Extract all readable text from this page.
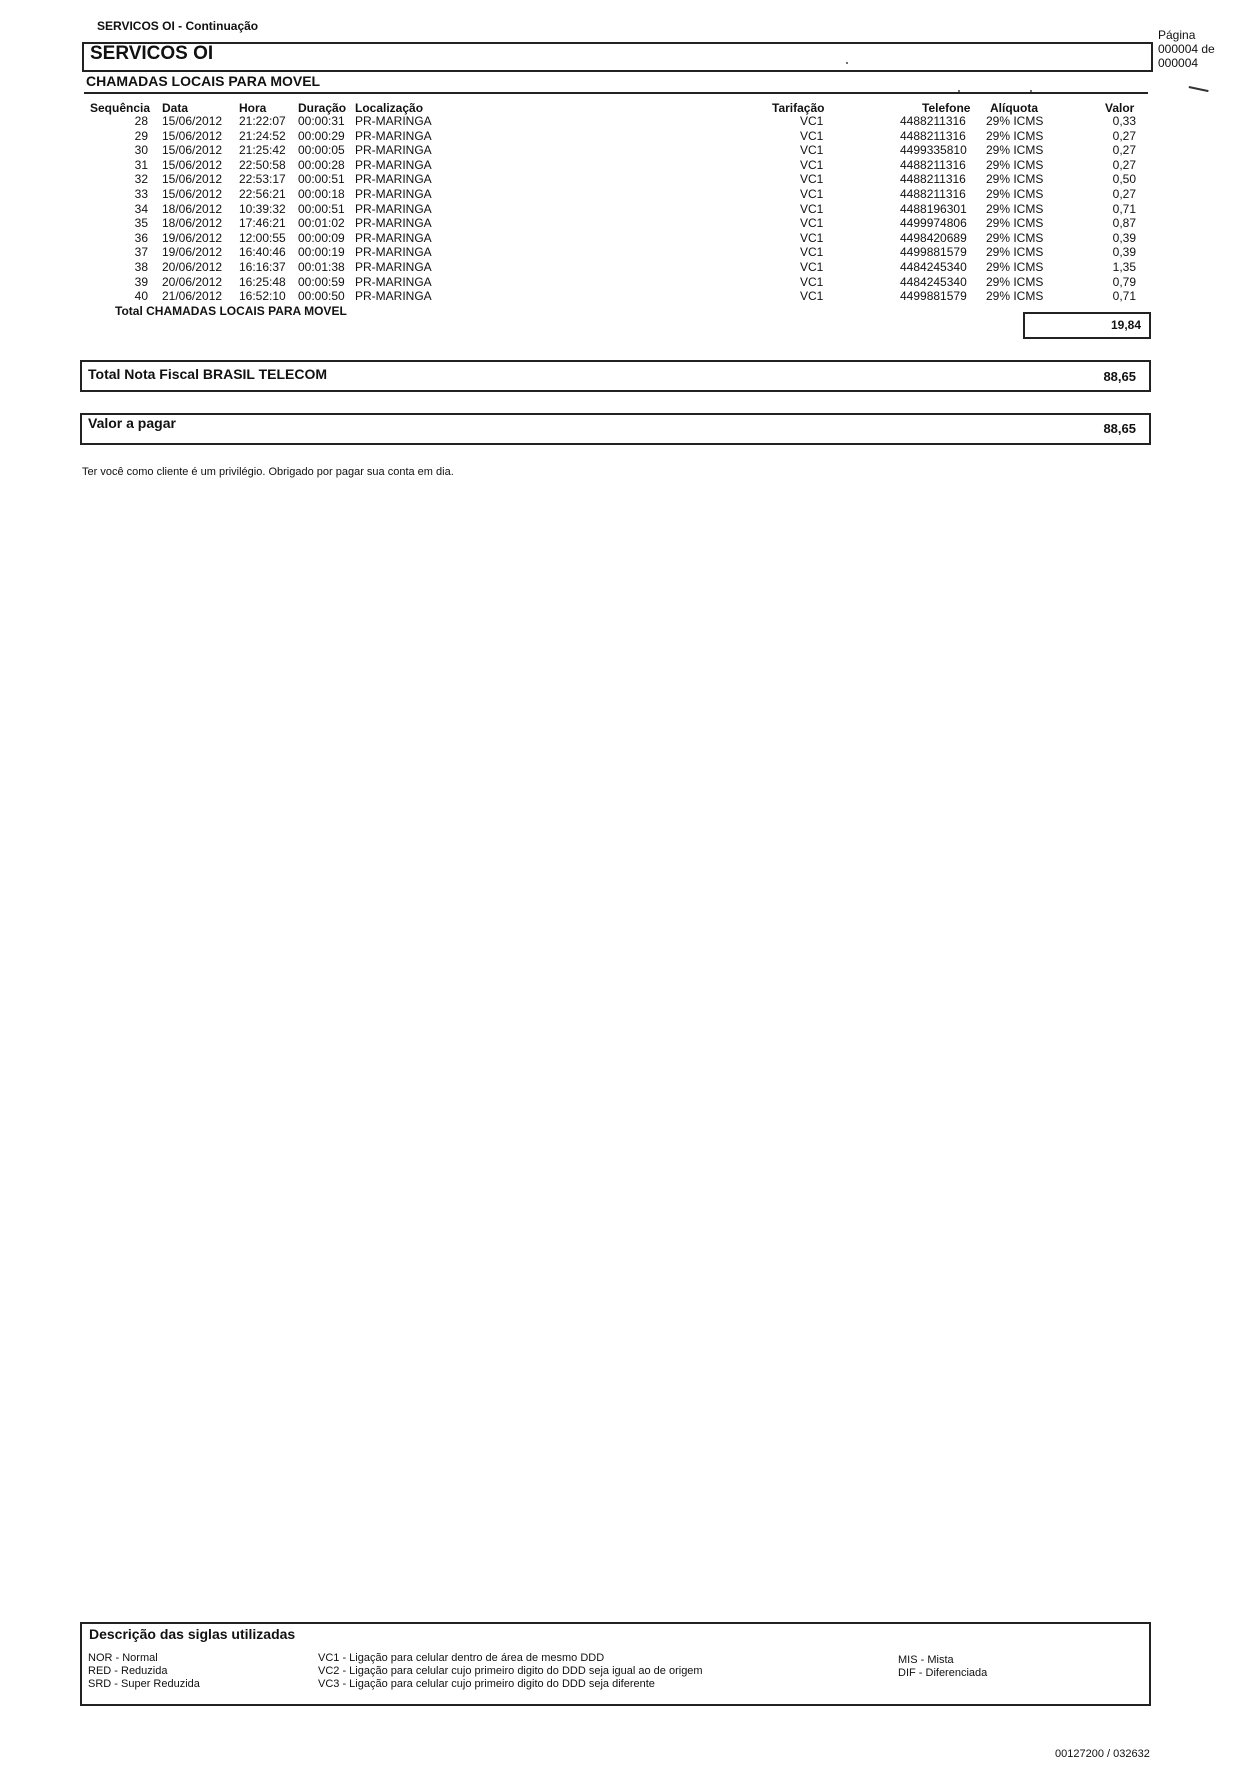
SERVICOS OI - Continuação
Página
000004 de
000004
SERVICOS OI
CHAMADAS LOCAIS PARA MOVEL
Sequência Data	Hora	Duração Localização	Tarifação	Telefone Alíquota	Valor
28 15/06/2012 21:22:07 00:00:31 PR-MARINGA	VC1	4488211316 29% ICMS	0,33
29 15/06/2012 21:24:52 00:00:29 PR-MARINGA	VC1	4488211316 29% ICMS	0,27
30 15/06/2012 21:25:42 00:00:05 PR-MARINGA	VC1	4499335810 29% ICMS	0,27
31 15/06/2012 22:50:58 00:00:28 PR-MARINGA	VC1	4488211316 29% ICMS	0,27
32 15/06/2012 22:53:17 00:00:51 PR-MARINGA	VC1	4488211316 29% ICMS	0,50
33 15/06/2012 22:56:21 00:00:18 PR-MARINGA	VC1	4488211316 29% ICMS	0,27
34 18/06/2012 10:39:32 00:00:51 PR-MARINGA	VC1	4488196301 29% ICMS	0,71
35 18/06/2012 17:46:21 00:01:02 PR-MARINGA	VC1	4499974806 29% ICMS	0,87
36 19/06/2012 12:00:55 00:00:09 PR-MARINGA	VC1	4498420689 29% ICMS	0,39
37 19/06/2012 16:40:46 00:00:19 PR-MARINGA	VC1	4499881579 29% ICMS	0,39
38 20/06/2012 16:16:37 00:01:38 PR-MARINGA	VC1	4484245340 29% ICMS	1,35
39 20/06/2012 16:25:48 00:00:59 PR-MARINGA	VC1	4484245340 29% ICMS	0,79
40 21/06/2012 16:52:10 00:00:50 PR-MARINGA	VC1	4499881579 29% ICMS	0,71
Total CHAMADAS LOCAIS PARA MOVEL
19,84
Total Nota Fiscal BRASIL TELECOM	88,65
Valor a pagar	88,65
Ter você como cliente é um privilégio. Obrigado por pagar sua conta em dia.
Descrição das siglas utilizadas
NOR - Normal
RED - Reduzida
SRD - Super Reduzida
VC1 - Ligação para celular dentro de área de mesmo DDD
VC2 - Ligação para celular cujo primeiro digito do DDD seja igual ao de origem
VC3 - Ligação para celular cujo primeiro digito do DDD seja diferente
MIS - Mista
DIF - Diferenciada
00127200 / 032632
